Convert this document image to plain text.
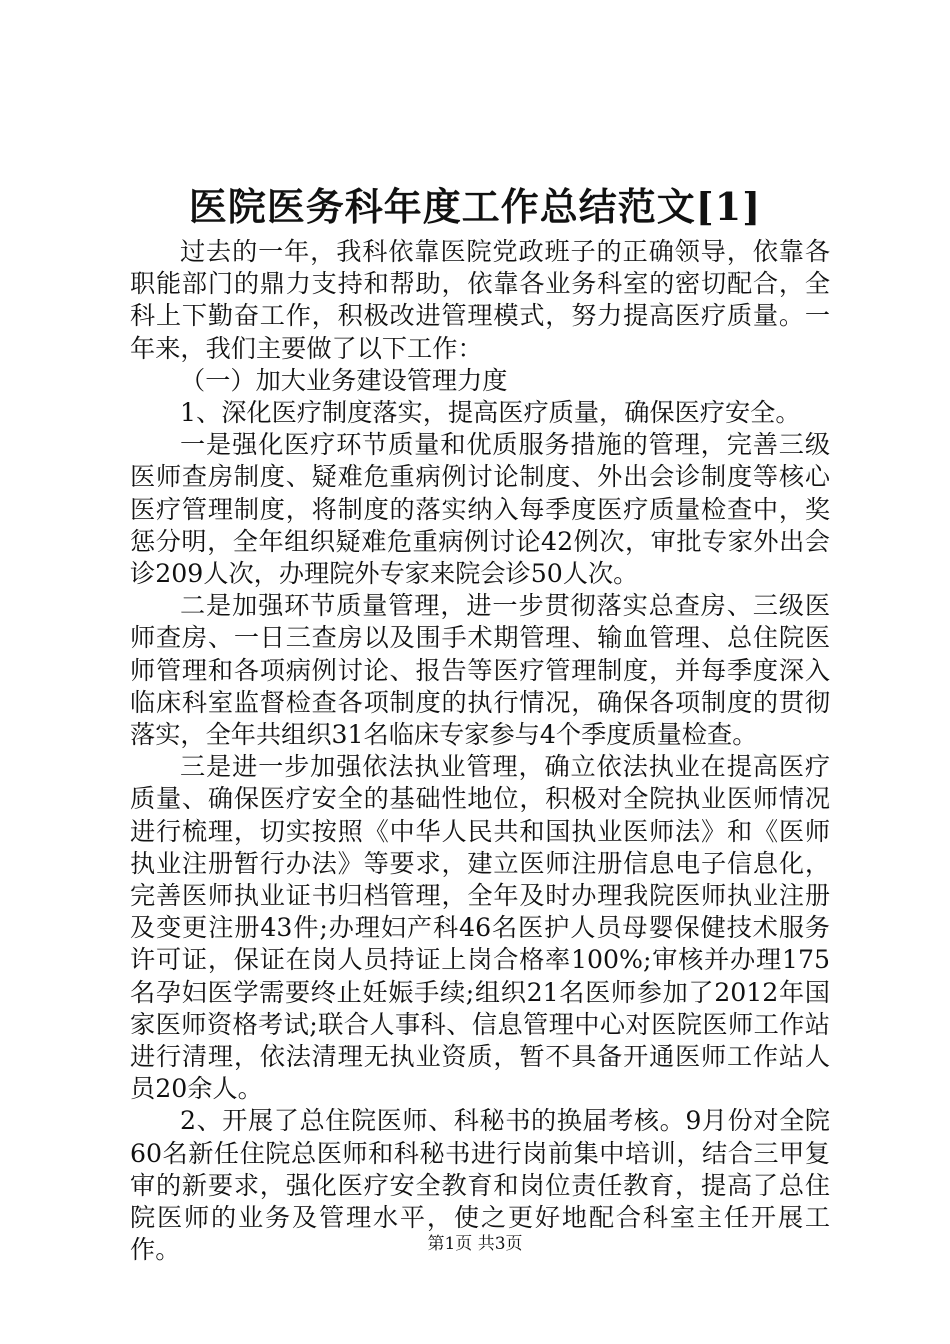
医院医务科年度工作总结范文[1]

过去的一年，我科依靠医院党政班子的正确领导，依靠各职能部门的鼎力支持和帮助，依靠各业务科室的密切配合，全科上下勤奋工作，积极改进管理模式，努力提高医疗质量。一年来，我们主要做了以下工作：

（一）加大业务建设管理力度

1、深化医疗制度落实，提高医疗质量，确保医疗安全。

一是强化医疗环节质量和优质服务措施的管理，完善三级医师查房制度、疑难危重病例讨论制度、外出会诊制度等核心医疗管理制度，将制度的落实纳入每季度医疗质量检查中，奖惩分明，全年组织疑难危重病例讨论42例次，审批专家外出会诊209人次，办理院外专家来院会诊50人次。

二是加强环节质量管理，进一步贯彻落实总查房、三级医师查房、一日三查房以及围手术期管理、输血管理、总住院医师管理和各项病例讨论、报告等医疗管理制度，并每季度深入临床科室监督检查各项制度的执行情况，确保各项制度的贯彻落实，全年共组织31名临床专家参与4个季度质量检查。

三是进一步加强依法执业管理，确立依法执业在提高医疗质量、确保医疗安全的基础性地位，积极对全院执业医师情况进行梳理，切实按照《中华人民共和国执业医师法》和《医师执业注册暂行办法》等要求，建立医师注册信息电子信息化，完善医师执业证书归档管理，全年及时办理我院医师执业注册及变更注册43件;办理妇产科46名医护人员母婴保健技术服务许可证，保证在岗人员持证上岗合格率100%;审核并办理175名孕妇医学需要终止妊娠手续;组织21名医师参加了2012年国家医师资格考试;联合人事科、信息管理中心对医院医师工作站进行清理，依法清理无执业资质，暂不具备开通医师工作站人员20余人。

2、开展了总住院医师、科秘书的换届考核。9月份对全院60名新任住院总医师和科秘书进行岗前集中培训，结合三甲复审的新要求，强化医疗安全教育和岗位责任教育，提高了总住院医师的业务及管理水平，使之更好地配合科室主任开展工作。	第1页 共3页
